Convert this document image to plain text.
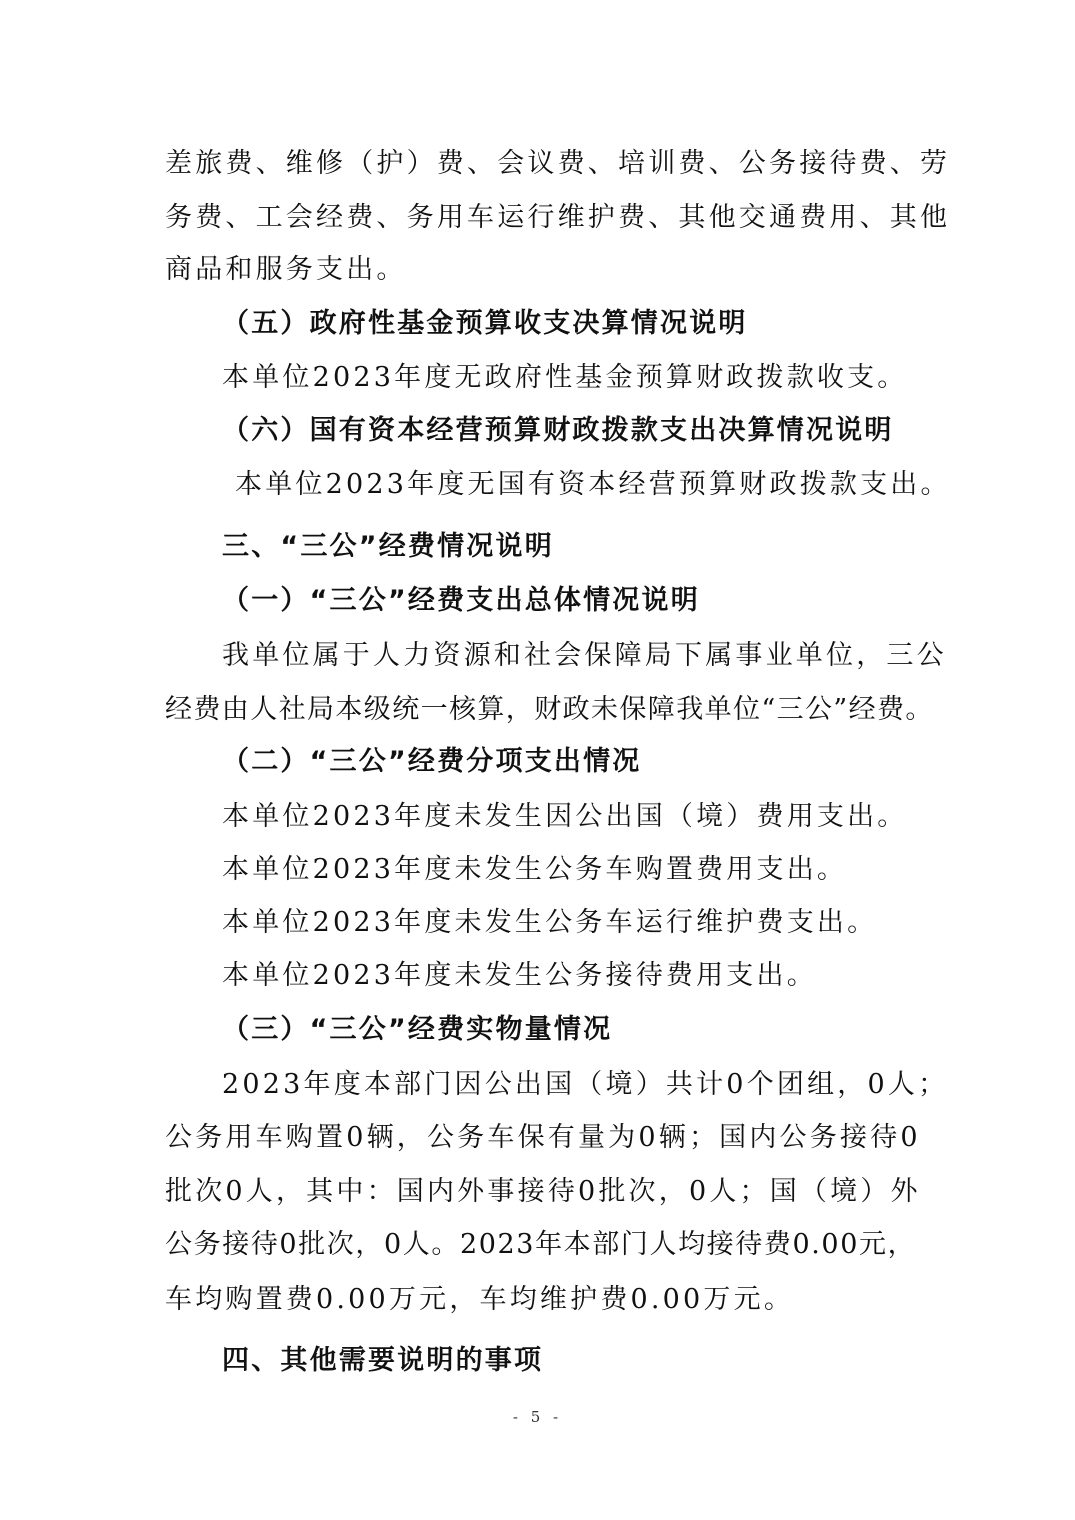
差旅费、维修（护）费、会议费、培训费、公务接待费、劳
务费、工会经费、务用车运行维护费、其他交通费用、其他
商品和服务支出。
（五）政府性基金预算收支决算情况说明
本单位2023年度无政府性基金预算财政拨款收支。
（六）国有资本经营预算财政拨款支出决算情况说明
本单位2023年度无国有资本经营预算财政拨款支出。
三、“三公”经费情况说明
（一）“三公”经费支出总体情况说明
我单位属于人力资源和社会保障局下属事业单位，三公
经费由人社局本级统一核算，财政未保障我单位“三公”经费。
（二）“三公”经费分项支出情况
本单位2023年度未发生因公出国（境）费用支出。
本单位2023年度未发生公务车购置费用支出。
本单位2023年度未发生公务车运行维护费支出。
本单位2023年度未发生公务接待费用支出。
（三）“三公”经费实物量情况
2023年度本部门因公出国（境）共计0个团组，0人；
公务用车购置0辆，公务车保有量为0辆；国内公务接待0
批次0人，其中：国内外事接待0批次，0人；国（境）外
公务接待0批次，0人。2023年本部门人均接待费0.00元，
车均购置费0.00万元，车均维护费0.00万元。
四、其他需要说明的事项
- 5 -
